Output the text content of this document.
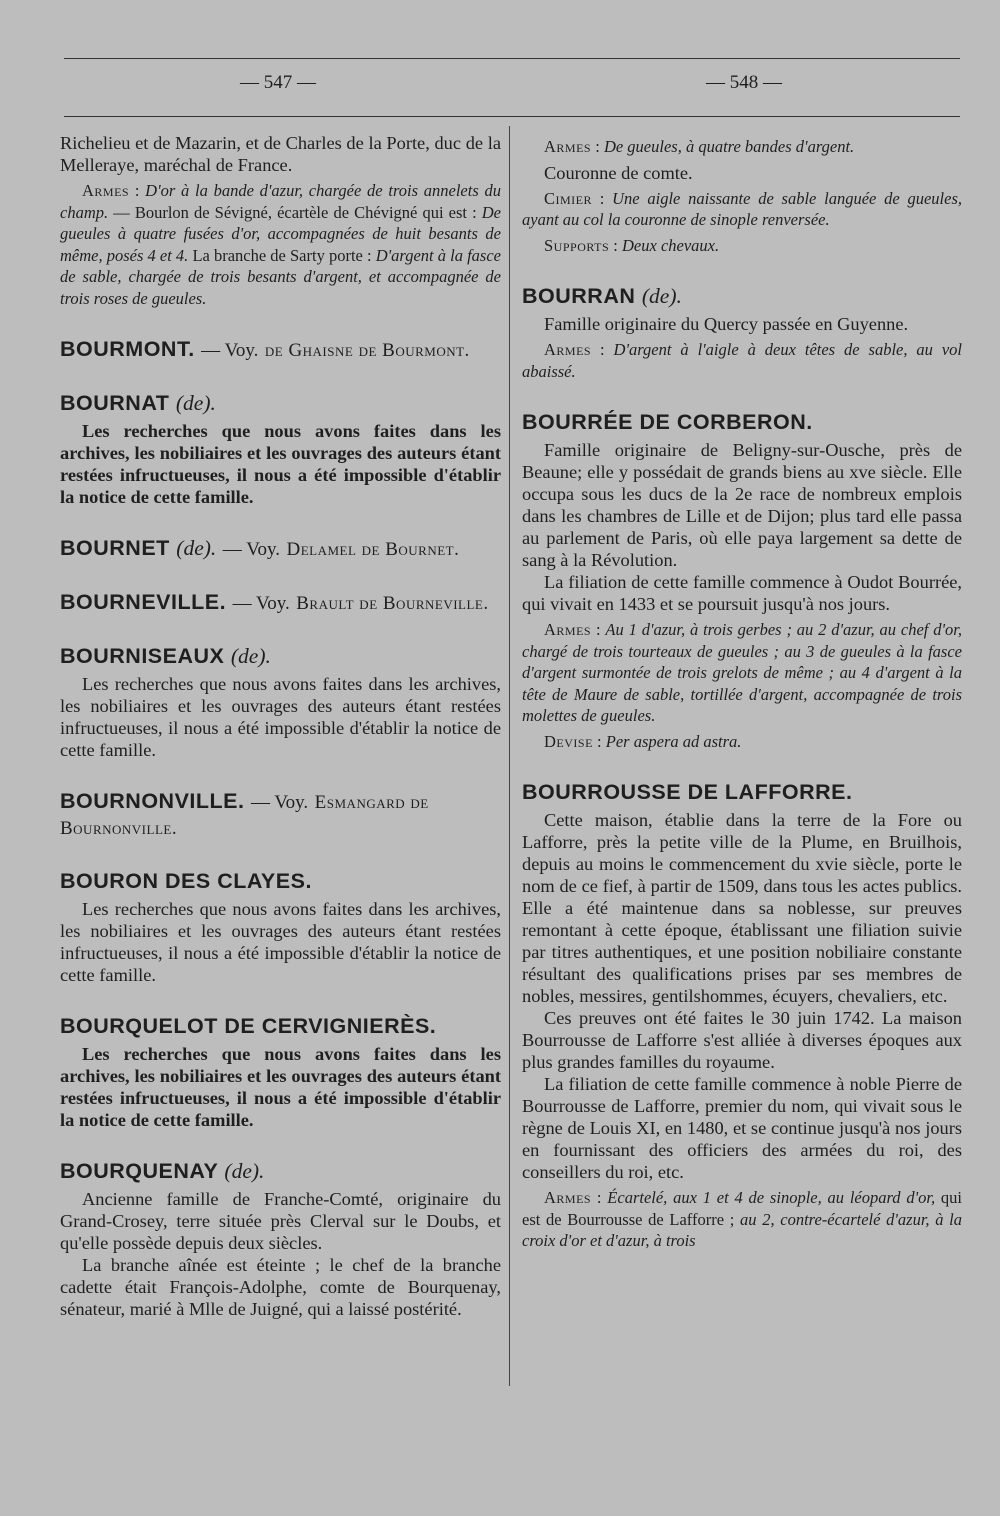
— 547 —	— 548 —

Richelieu et de Mazarin, et de Charles de la Porte, duc de la Melleraye, maréchal de France.

Armes : D'or à la bande d'azur, chargée de trois annelets du champ. — Bourlon de Sévigné, écartèle de Chévigné qui est : De gueules à quatre fusées d'or, accompagnées de huit besants de même, posés 4 et 4. La branche de Sarty porte : D'argent à la fasce de sable, chargée de trois besants d'argent, et accompagnée de trois roses de gueules.

BOURMONT. — Voy. de Ghaisne de Bourmont.
BOURNAT (de).

Les recherches que nous avons faites dans les archives, les nobiliaires et les ouvrages des auteurs étant restées infructueuses, il nous a été impossible d'établir la notice de cette famille.

BOURNET (de). — Voy. Delamel de Bournet.
BOURNEVILLE. — Voy. Brault de Bourneville.
BOURNISEAUX (de).

Les recherches que nous avons faites dans les archives, les nobiliaires et les ouvrages des auteurs étant restées infructueuses, il nous a été impossible d'établir la notice de cette famille.

BOURNONVILLE. — Voy. Esmangard de Bournonville.
BOURON DES CLAYES.

Les recherches que nous avons faites dans les archives, les nobiliaires et les ouvrages des auteurs étant restées infructueuses, il nous a été impossible d'établir la notice de cette famille.

BOURQUELOT DE CERVIGNIERÈS.

Les recherches que nous avons faites dans les archives, les nobiliaires et les ouvrages des auteurs étant restées infructueuses, il nous a été impossible d'établir la notice de cette famille.

BOURQUENAY (de).

Ancienne famille de Franche-Comté, originaire du Grand-Crosey, terre située près Clerval sur le Doubs, et qu'elle possède depuis deux siècles.

La branche aînée est éteinte ; le chef de la branche cadette était François-Adolphe, comte de Bourquenay, sénateur, marié à Mlle de Juigné, qui a laissé postérité.

Armes : De gueules, à quatre bandes d'argent.

Couronne de comte.

Cimier : Une aigle naissante de sable languée de gueules, ayant au col la couronne de sinople renversée.

Supports : Deux chevaux.

BOURRAN (de).

Famille originaire du Quercy passée en Guyenne.

Armes : D'argent à l'aigle à deux têtes de sable, au vol abaissé.

BOURRÉE DE CORBERON.

Famille originaire de Beligny-sur-Ousche, près de Beaune; elle y possédait de grands biens au xve siècle. Elle occupa sous les ducs de la 2e race de nombreux emplois dans les chambres de Lille et de Dijon; plus tard elle passa au parlement de Paris, où elle paya largement sa dette de sang à la Révolution.

La filiation de cette famille commence à Oudot Bourrée, qui vivait en 1433 et se poursuit jusqu'à nos jours.

Armes : Au 1 d'azur, à trois gerbes ; au 2 d'azur, au chef d'or, chargé de trois tourteaux de gueules ; au 3 de gueules à la fasce d'argent surmontée de trois grelots de même ; au 4 d'argent à la tête de Maure de sable, tortillée d'argent, accompagnée de trois molettes de gueules.

Devise : Per aspera ad astra.

BOURROUSSE DE LAFFORRE.

Cette maison, établie dans la terre de la Fore ou Lafforre, près la petite ville de la Plume, en Bruilhois, depuis au moins le commencement du xvie siècle, porte le nom de ce fief, à partir de 1509, dans tous les actes publics. Elle a été maintenue dans sa noblesse, sur preuves remontant à cette époque, établissant une filiation suivie par titres authentiques, et une position nobiliaire constante résultant des qualifications prises par ses membres de nobles, messires, gentilshommes, écuyers, chevaliers, etc.

Ces preuves ont été faites le 30 juin 1742. La maison Bourrousse de Lafforre s'est alliée à diverses époques aux plus grandes familles du royaume.

La filiation de cette famille commence à noble Pierre de Bourrousse de Lafforre, premier du nom, qui vivait sous le règne de Louis XI, en 1480, et se continue jusqu'à nos jours en fournissant des officiers des armées du roi, des conseillers du roi, etc.

Armes : Écartelé, aux 1 et 4 de sinople, au léopard d'or, qui est de Bourrousse de Lafforre ; au 2, contre-écartelé d'azur, à la croix d'or et d'azur, à trois
